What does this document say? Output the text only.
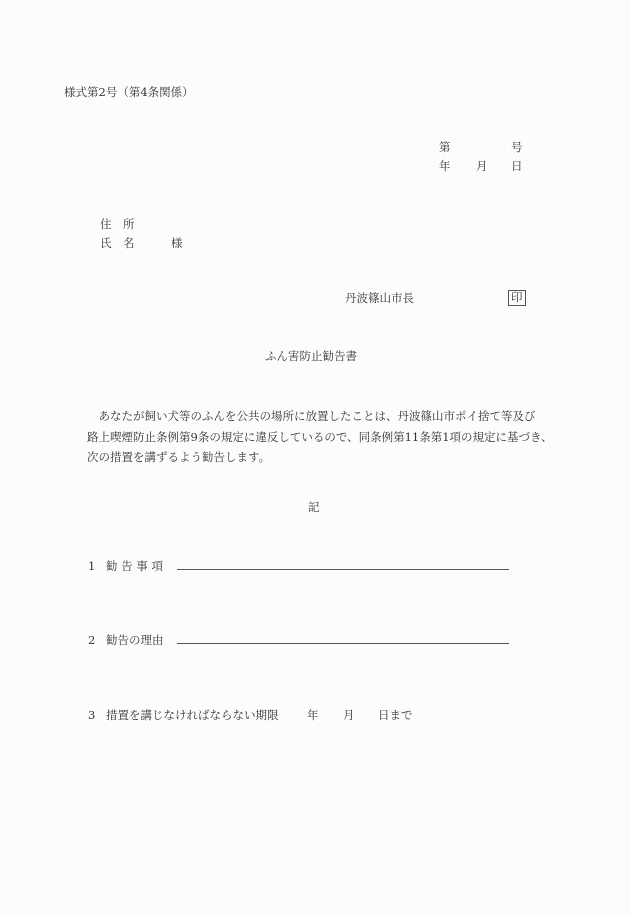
様式第2号（第4条関係）
第	号
年 月 日
住　所
氏　名	様
丹波篠山市長	印
ふん害防止勧告書
　あなたが飼い犬等のふんを公共の場所に放置したことは、丹波篠山市ポイ捨て等及び
路上喫煙防止条例第9条の規定に違反しているので、同条例第11条第1項の規定に基づき、
次の措置を講ずるよう勧告します。
記
1 勧 告 事 項
2 勧告の理由
3 措置を講じなければならない期限 年 月 日まで
